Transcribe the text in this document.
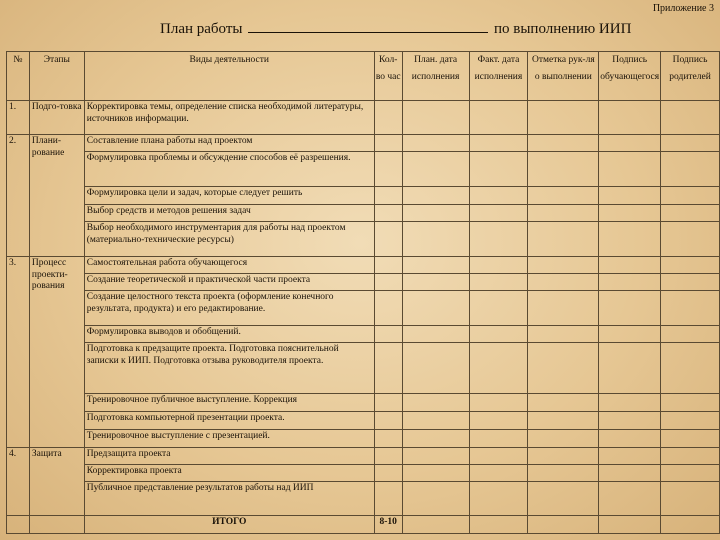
Приложение 3
План работы	по выполнению ИИП
№	Этапы	Виды деятельности	Кол-во час	План. дата исполнения	Факт. дата исполнения	Отметка рук-ля о выполнении	Подпись обучающегося	Подпись родителей
1.	Подго-товка	Корректировка темы, определение списка необходимой литературы, источников информации.						
2.	Плани-рование	Составление плана работы над проектом						
		Формулировка проблемы и обсуждение способов её разрешения.						
		Формулировка цели и задач, которые следует решить						
		Выбор средств и методов решения задач						
		Выбор необходимого инструментария для работы над проектом (материально-технические ресурсы)						
3.	Процесс проекти-рования	Самостоятельная работа обучающегося						
		Создание теоретической и практической части проекта						
		Создание целостного текста проекта (оформление конечного результата, продукта) и его редактирование.						
		Формулировка выводов и обобщений.						
		Подготовка к предзащите проекта. Подготовка пояснительной записки к ИИП. Подготовка отзыва руководителя проекта.						
		Тренировочное публичное выступление. Коррекция						
		Подготовка компьютерной презентации проекта.						
		Тренировочное выступление с презентацией.						
4.	Защита	Предзащита проекта						
		Корректировка проекта						
		Публичное представление результатов работы над ИИП						
		ИТОГО	8-10					
